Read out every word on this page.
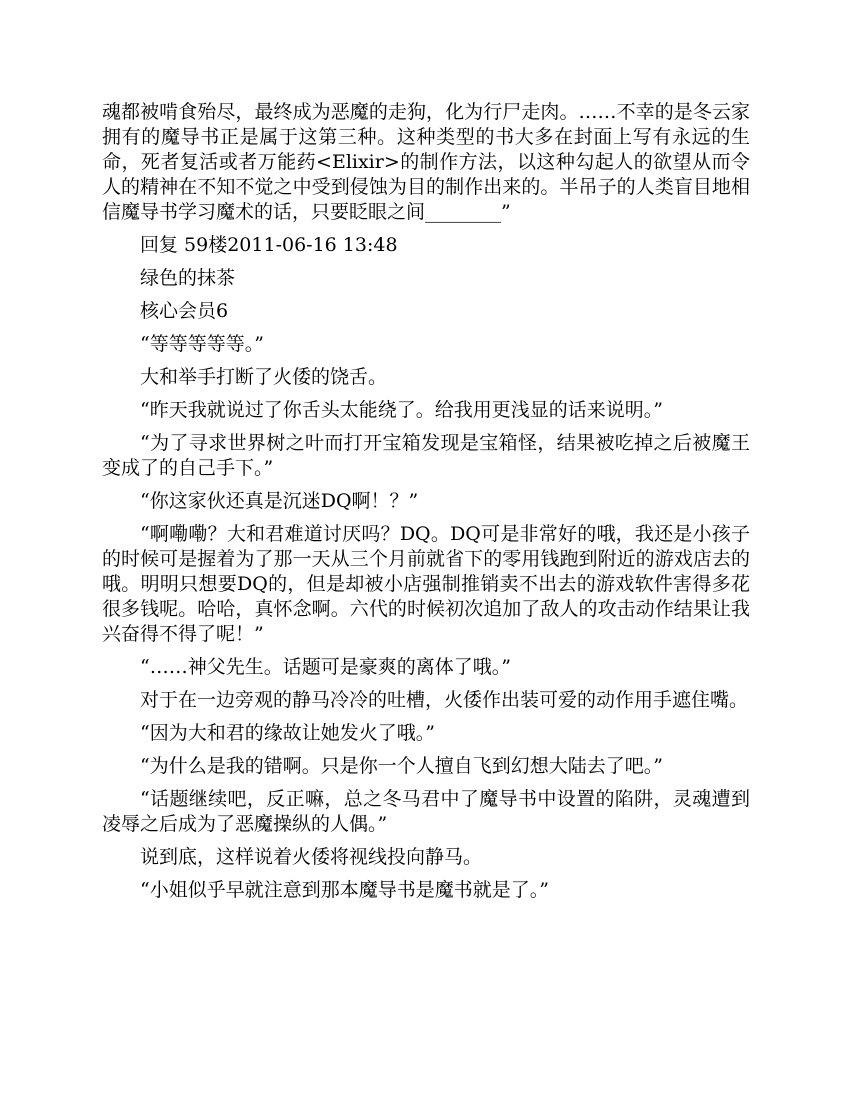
魂都被啃食殆尽，最终成为恶魔的走狗，化为行尸走肉。……不幸的是冬云家拥有的魔导书正是属于这第三种。这种类型的书大多在封面上写有永远的生命，死者复活或者万能药<Elixir>的制作方法，以这种勾起人的欲望从而令人的精神在不知不觉之中受到侵蚀为目的制作出来的。半吊子的人类盲目地相信魔导书学习魔术的话，只要眨眼之间________”

回复 59楼2011-06-16 13:48

绿色的抹茶

核心会员6

“等等等等等。”

大和举手打断了火倭的饶舌。

“昨天我就说过了你舌头太能绕了。给我用更浅显的话来说明。”

“为了寻求世界树之叶而打开宝箱发现是宝箱怪，结果被吃掉之后被魔王变成了的自己手下。”

“你这家伙还真是沉迷DQ啊！？”

“啊嘞嘞？大和君难道讨厌吗？DQ。DQ可是非常好的哦，我还是小孩子的时候可是握着为了那一天从三个月前就省下的零用钱跑到附近的游戏店去的哦。明明只想要DQ的，但是却被小店强制推销卖不出去的游戏软件害得多花很多钱呢。哈哈，真怀念啊。六代的时候初次追加了敌人的攻击动作结果让我兴奋得不得了呢！”

“……神父先生。话题可是豪爽的离体了哦。”

对于在一边旁观的静马冷冷的吐槽，火倭作出装可爱的动作用手遮住嘴。

“因为大和君的缘故让她发火了哦。”

“为什么是我的错啊。只是你一个人擅自飞到幻想大陆去了吧。”

“话题继续吧，反正嘛，总之冬马君中了魔导书中设置的陷阱，灵魂遭到凌辱之后成为了恶魔操纵的人偶。”

说到底，这样说着火倭将视线投向静马。

“小姐似乎早就注意到那本魔导书是魔书就是了。”
